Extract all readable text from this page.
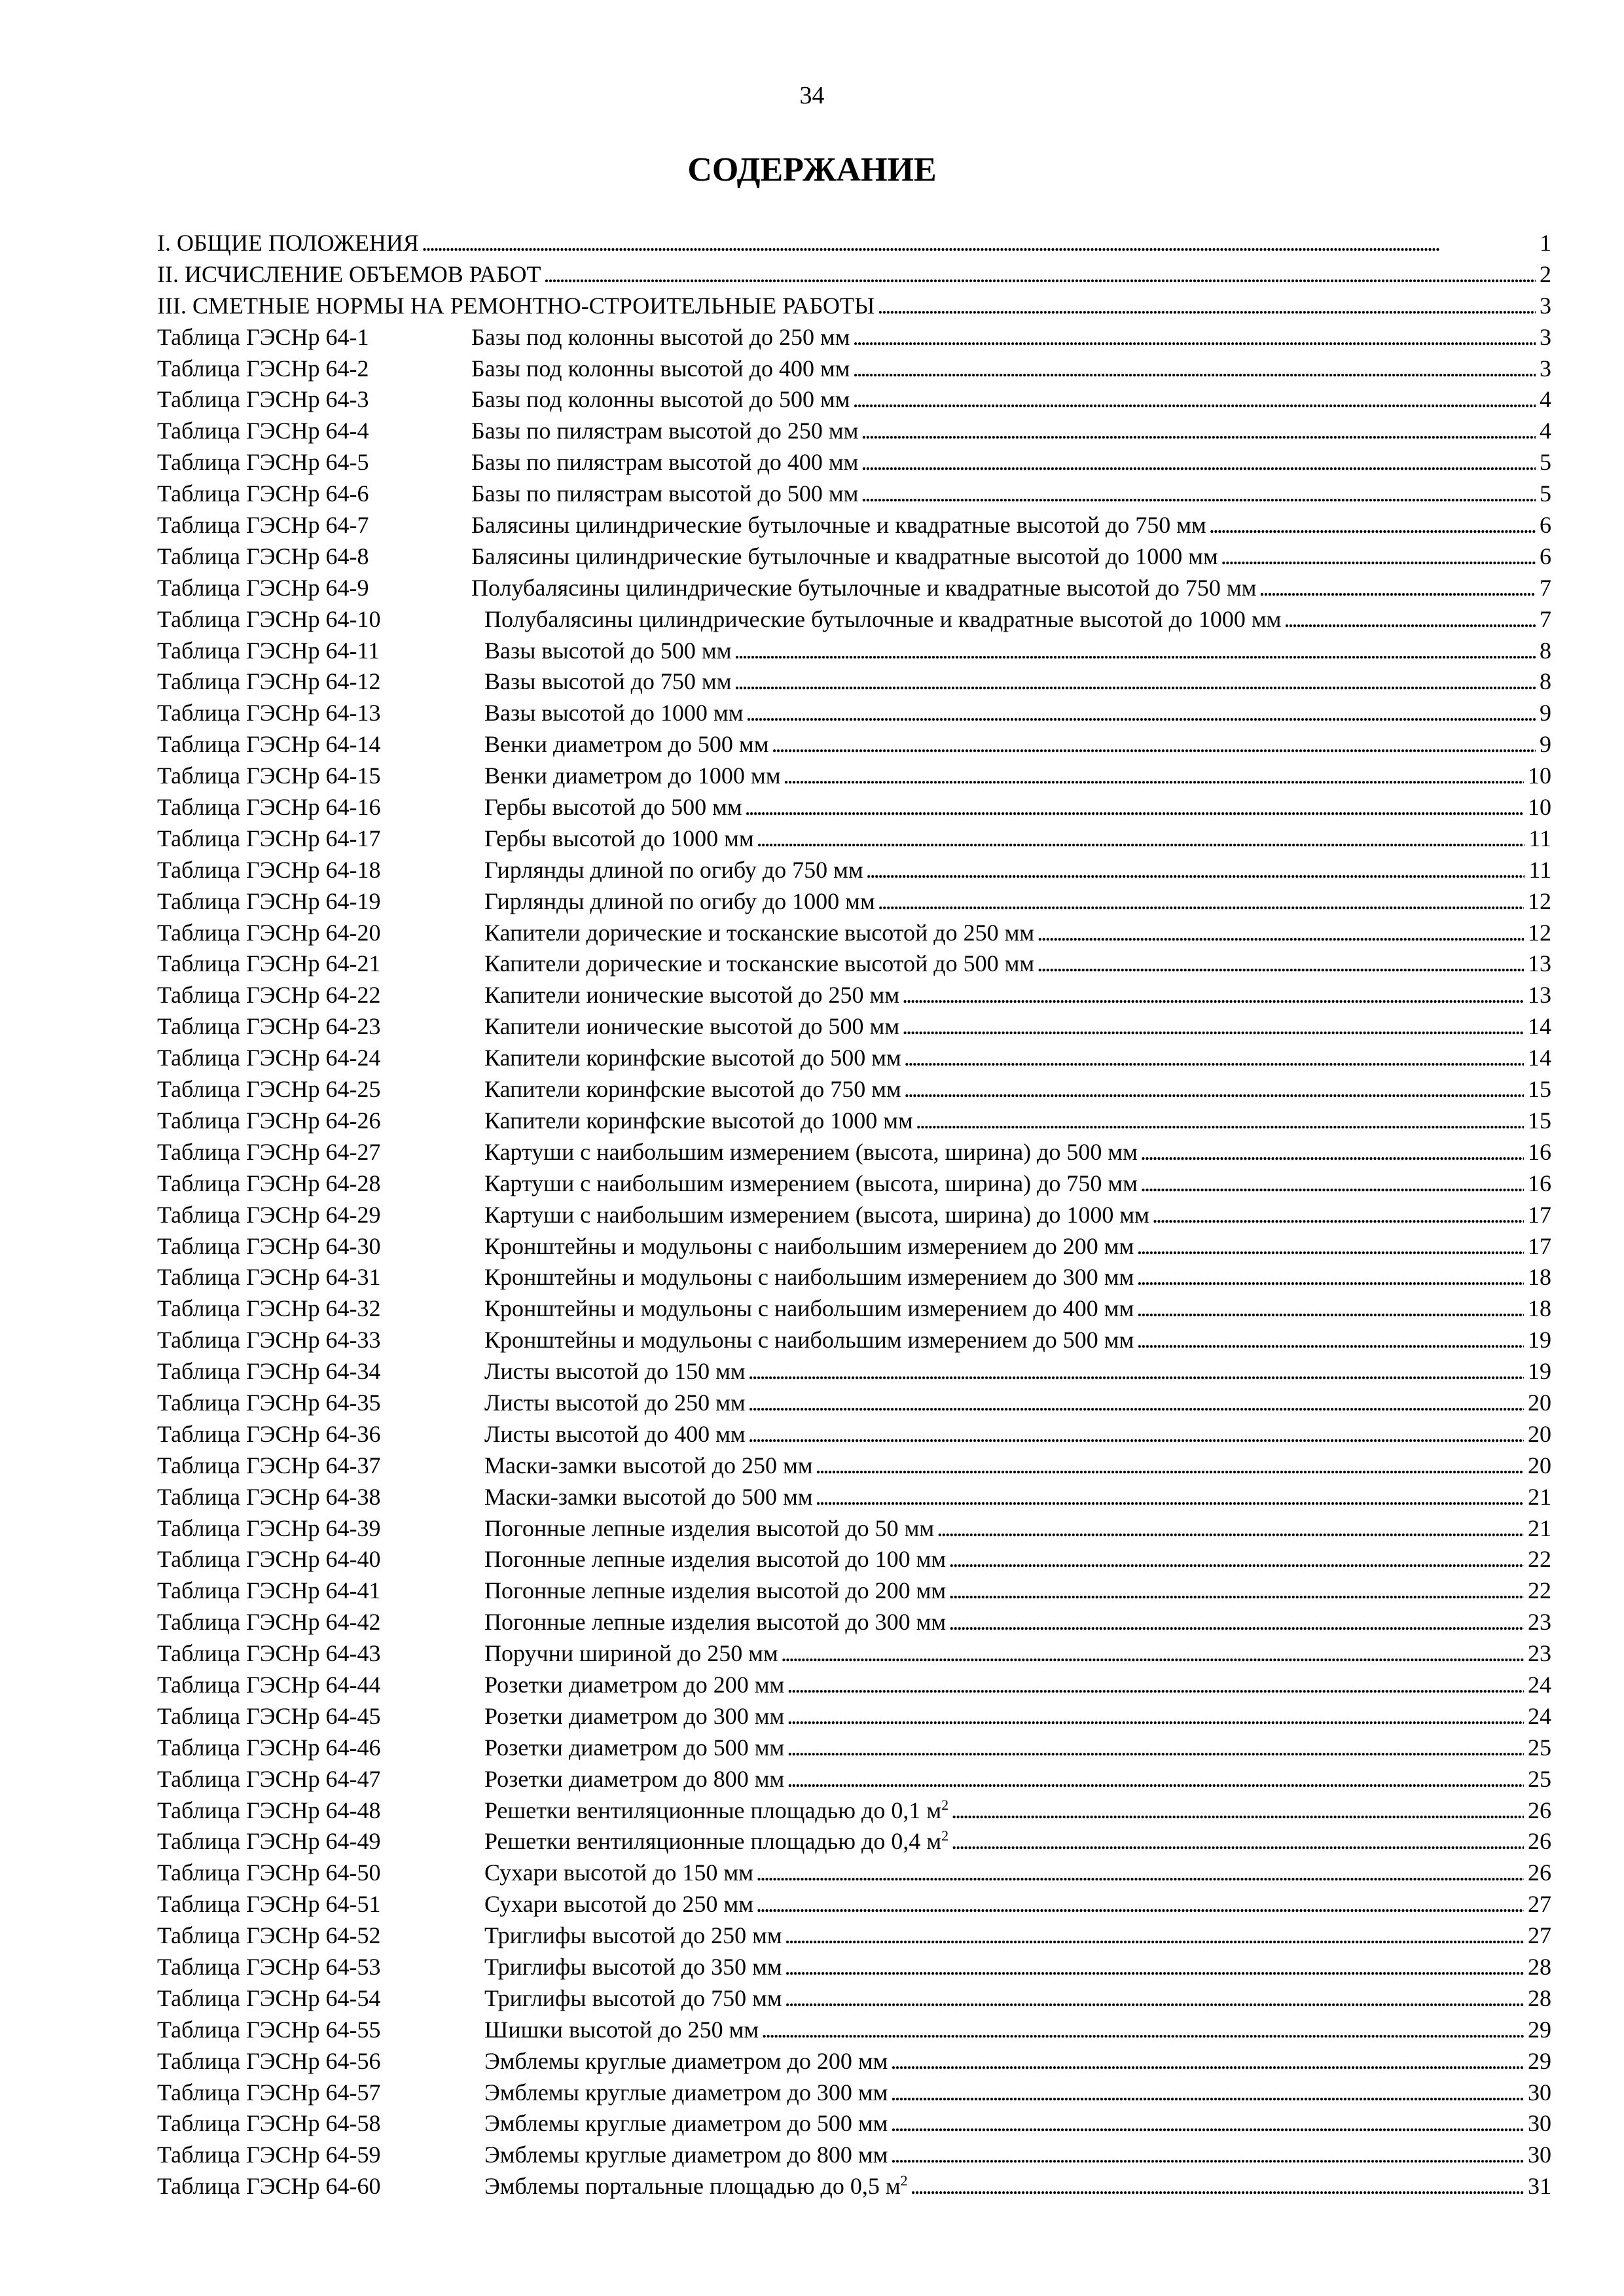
34
СОДЕРЖАНИЕ
I. ОБЩИЕ ПОЛОЖЕНИЯ . . .	1
II. ИСЧИСЛЕНИЕ ОБЪЕМОВ РАБОТ . . .	2
III. СМЕТНЫЕ НОРМЫ НА РЕМОНТНО-СТРОИТЕЛЬНЫЕ РАБОТЫ . . .	3
Таблица ГЭСНр 64-1	Базы под колонны высотой до 250 мм . . .	3
Таблица ГЭСНр 64-2	Базы под колонны высотой до 400 мм . . .	3
Таблица ГЭСНр 64-3	Базы под колонны высотой до 500 мм . . .	4
Таблица ГЭСНр 64-4	Базы по пилястрам высотой до 250 мм . . .	4
Таблица ГЭСНр 64-5	Базы по пилястрам высотой до 400 мм . . .	5
Таблица ГЭСНр 64-6	Базы по пилястрам высотой до 500 мм . . .	5
Таблица ГЭСНр 64-7	Балясины цилиндрические бутылочные и квадратные высотой до 750 мм . . .	6
Таблица ГЭСНр 64-8	Балясины цилиндрические бутылочные и квадратные высотой до 1000 мм . . .	6
Таблица ГЭСНр 64-9	Полубалясины цилиндрические бутылочные и квадратные высотой до 750 мм . . .	7
Таблица ГЭСНр 64-10	Полубалясины цилиндрические бутылочные и квадратные высотой до 1000 мм . . .	7
Таблица ГЭСНр 64-11	Вазы высотой до 500 мм . . .	8
Таблица ГЭСНр 64-12	Вазы высотой до 750 мм . . .	8
Таблица ГЭСНр 64-13	Вазы высотой до 1000 мм . . .	9
Таблица ГЭСНр 64-14	Венки диаметром до 500 мм . . .	9
Таблица ГЭСНр 64-15	Венки диаметром до 1000 мм . . .	10
Таблица ГЭСНр 64-16	Гербы высотой до 500 мм . . .	10
Таблица ГЭСНр 64-17	Гербы высотой до 1000 мм . . .	11
Таблица ГЭСНр 64-18	Гирлянды длиной по огибу до 750 мм . . .	11
Таблица ГЭСНр 64-19	Гирлянды длиной по огибу до 1000 мм . . .	12
Таблица ГЭСНр 64-20	Капители дорические и тосканские высотой до 250 мм . . .	12
Таблица ГЭСНр 64-21	Капители дорические и тосканские высотой до 500 мм . . .	13
Таблица ГЭСНр 64-22	Капители ионические высотой до 250 мм . . .	13
Таблица ГЭСНр 64-23	Капители ионические высотой до 500 мм . . .	14
Таблица ГЭСНр 64-24	Капители коринфские высотой до 500 мм . . .	14
Таблица ГЭСНр 64-25	Капители коринфские высотой до 750 мм . . .	15
Таблица ГЭСНр 64-26	Капители коринфские высотой до 1000 мм . . .	15
Таблица ГЭСНр 64-27	Картуши с наибольшим измерением (высота, ширина) до 500 мм . . .	16
Таблица ГЭСНр 64-28	Картуши с наибольшим измерением (высота, ширина) до 750 мм . . .	16
Таблица ГЭСНр 64-29	Картуши с наибольшим измерением (высота, ширина) до 1000 мм . . .	17
Таблица ГЭСНр 64-30	Кронштейны и модульоны с наибольшим измерением до 200 мм . . .	17
Таблица ГЭСНр 64-31	Кронштейны и модульоны с наибольшим измерением до 300 мм . . .	18
Таблица ГЭСНр 64-32	Кронштейны и модульоны с наибольшим измерением до 400 мм . . .	18
Таблица ГЭСНр 64-33	Кронштейны и модульоны с наибольшим измерением до 500 мм . . .	19
Таблица ГЭСНр 64-34	Листы высотой до 150 мм . . .	19
Таблица ГЭСНр 64-35	Листы высотой до 250 мм . . .	20
Таблица ГЭСНр 64-36	Листы высотой до 400 мм . . .	20
Таблица ГЭСНр 64-37	Маски-замки высотой до 250 мм . . .	20
Таблица ГЭСНр 64-38	Маски-замки высотой до 500 мм . . .	21
Таблица ГЭСНр 64-39	Погонные лепные изделия высотой до 50 мм . . .	21
Таблица ГЭСНр 64-40	Погонные лепные изделия высотой до 100 мм . . .	22
Таблица ГЭСНр 64-41	Погонные лепные изделия высотой до 200 мм . . .	22
Таблица ГЭСНр 64-42	Погонные лепные изделия высотой до 300 мм . . .	23
Таблица ГЭСНр 64-43	Поручни шириной до 250 мм . . .	23
Таблица ГЭСНр 64-44	Розетки диаметром до 200 мм . . .	24
Таблица ГЭСНр 64-45	Розетки диаметром до 300 мм . . .	24
Таблица ГЭСНр 64-46	Розетки диаметром до 500 мм . . .	25
Таблица ГЭСНр 64-47	Розетки диаметром до 800 мм . . .	25
Таблица ГЭСНр 64-48	Решетки вентиляционные площадью до 0,1 $м^2$ . . .	26
Таблица ГЭСНр 64-49	Решетки вентиляционные площадью до 0,4 $м^2$ . . .	26
Таблица ГЭСНр 64-50	Сухари высотой до 150 мм . . .	26
Таблица ГЭСНр 64-51	Сухари высотой до 250 мм . . .	27
Таблица ГЭСНр 64-52	Триглифы высотой до 250 мм . . .	27
Таблица ГЭСНр 64-53	Триглифы высотой до 350 мм . . .	28
Таблица ГЭСНр 64-54	Триглифы высотой до 750 мм . . .	28
Таблица ГЭСНр 64-55	Шишки высотой до 250 мм . . .	29
Таблица ГЭСНр 64-56	Эмблемы круглые диаметром до 200 мм . . .	29
Таблица ГЭСНр 64-57	Эмблемы круглые диаметром до 300 мм . . .	30
Таблица ГЭСНр 64-58	Эмблемы круглые диаметром до 500 мм . . .	30
Таблица ГЭСНр 64-59	Эмблемы круглые диаметром до 800 мм . . .	30
Таблица ГЭСНр 64-60	Эмблемы портальные площадью до 0,5 $м^2$ . . .	31
